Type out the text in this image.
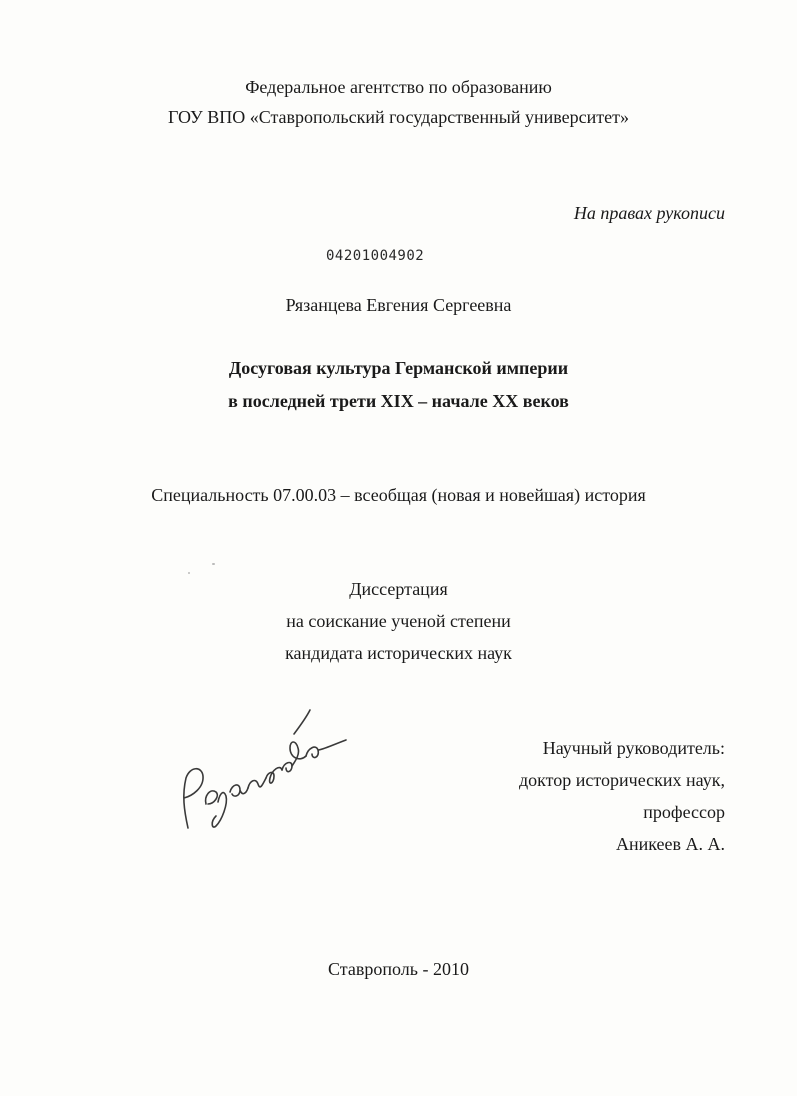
Федеральное агентство по образованию
ГОУ ВПО «Ставропольский государственный университет»
На правах рукописи
04201004902
Рязанцева Евгения Сергеевна
Досуговая культура Германской империи
в последней трети XIX – начале XX веков
Специальность 07.00.03 – всеобщая (новая и новейшая) история
Диссертация
на соискание ученой степени
кандидата исторических наук
Научный руководитель:
доктор исторических наук,
профессор
Аникеев А. А.
Ставрополь - 2010
